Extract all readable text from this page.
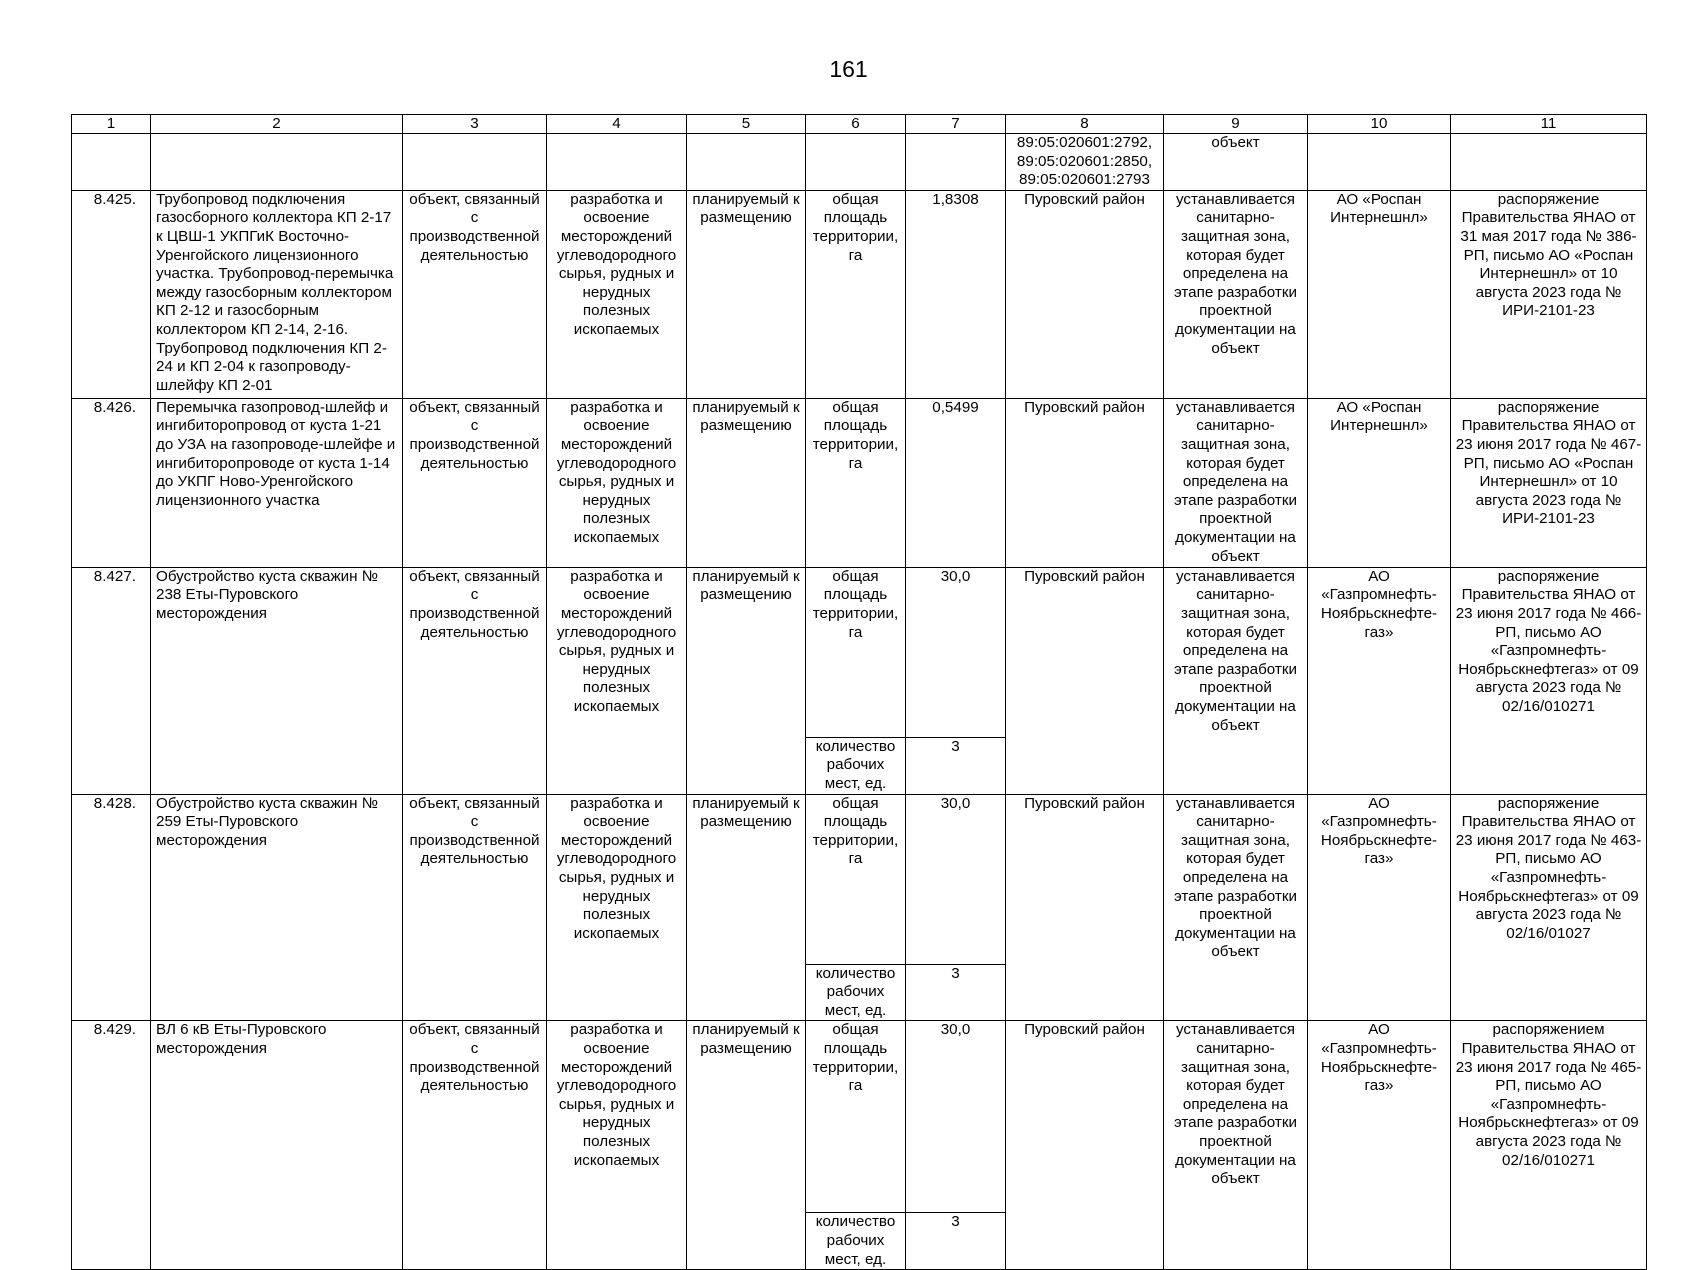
161
1	2	3	4	5	6	7	8	9	10	11

							89:05:020601:2792,
89:05:020601:2850,
89:05:020601:2793	объект		
8.425.	Трубопровод подключения газосборного коллектора КП 2-17 к ЦВШ-1 УКПГиК Восточно-Уренгойского лицензионного участка. Трубопровод-перемычка между газосборным коллектором КП 2-12 и газосборным коллектором КП 2-14, 2-16. Трубопровод подключения КП 2-24 и КП 2-04 к газопроводу-шлейфу КП 2-01	объект, связанный с производственной деятельностью	разработка и освоение месторождений углеводородного сырья, рудных и нерудных полезных ископаемых	планируемый к размещению	общая площадь территории, га	1,8308	Пуровский район	устанавливается санитарно-защитная зона, которая будет определена на этапе разработки проектной документации на объект	АО «Роспан Интернешнл»	распоряжение Правительства ЯНАО от 31 мая 2017 года № 386-РП, письмо АО «Роспан Интернешнл» от 10 августа 2023 года № ИРИ-2101-23
8.426.	Перемычка газопровод-шлейф и ингибиторопровод от куста 1-21 до УЗА на газопроводе-шлейфе и ингибиторопроводе от куста 1-14 до УКПГ Ново-Уренгойского лицензионного участка	объект, связанный с производственной деятельностью	разработка и освоение месторождений углеводородного сырья, рудных и нерудных полезных ископаемых	планируемый к размещению	общая площадь территории, га	0,5499	Пуровский район	устанавливается санитарно-защитная зона, которая будет определена на этапе разработки проектной документации на объект	АО «Роспан Интернешнл»	распоряжение Правительства ЯНАО от 23 июня 2017 года № 467-РП, письмо АО «Роспан Интернешнл» от 10 августа 2023 года № ИРИ-2101-23
8.427.	Обустройство куста скважин № 238 Еты-Пуровского месторождения	объект, связанный с производственной деятельностью	разработка и освоение месторождений углеводородного сырья, рудных и нерудных полезных ископаемых	планируемый к размещению	общая площадь территории, га	30,0	Пуровский район	устанавливается санитарно-защитная зона, которая будет определена на этапе разработки проектной документации на объект	АО «Газпромнефть-Ноябрьскнефте-газ»	распоряжение Правительства ЯНАО от 23 июня 2017 года № 466-РП, письмо АО «Газпромнефть-Ноябрьскнефтегаз» от 09 августа 2023 года № 02/16/010271
					количество рабочих мест, ед.	3				
8.428.	Обустройство куста скважин № 259 Еты-Пуровского месторождения	объект, связанный с производственной деятельностью	разработка и освоение месторождений углеводородного сырья, рудных и нерудных полезных ископаемых	планируемый к размещению	общая площадь территории, га	30,0	Пуровский район	устанавливается санитарно-защитная зона, которая будет определена на этапе разработки проектной документации на объект	АО «Газпромнефть-Ноябрьскнефте-газ»	распоряжение Правительства ЯНАО от 23 июня 2017 года № 463-РП, письмо АО «Газпромнефть-Ноябрьскнефтегаз» от 09 августа 2023 года № 02/16/01027
					количество рабочих мест, ед.	3				
8.429.	ВЛ 6 кВ Еты-Пуровского месторождения	объект, связанный с производственной деятельностью	разработка и освоение месторождений углеводородного сырья, рудных и нерудных полезных ископаемых	планируемый к размещению	общая площадь территории, га	30,0	Пуровский район	устанавливается санитарно-защитная зона, которая будет определена на этапе разработки проектной документации на объект	АО «Газпромнефть-Ноябрьскнефте-газ»	распоряжением Правительства ЯНАО от 23 июня 2017 года № 465-РП, письмо АО «Газпромнефть-Ноябрьскнефтегаз» от 09 августа 2023 года № 02/16/010271
					количество рабочих мест, ед.	3				
